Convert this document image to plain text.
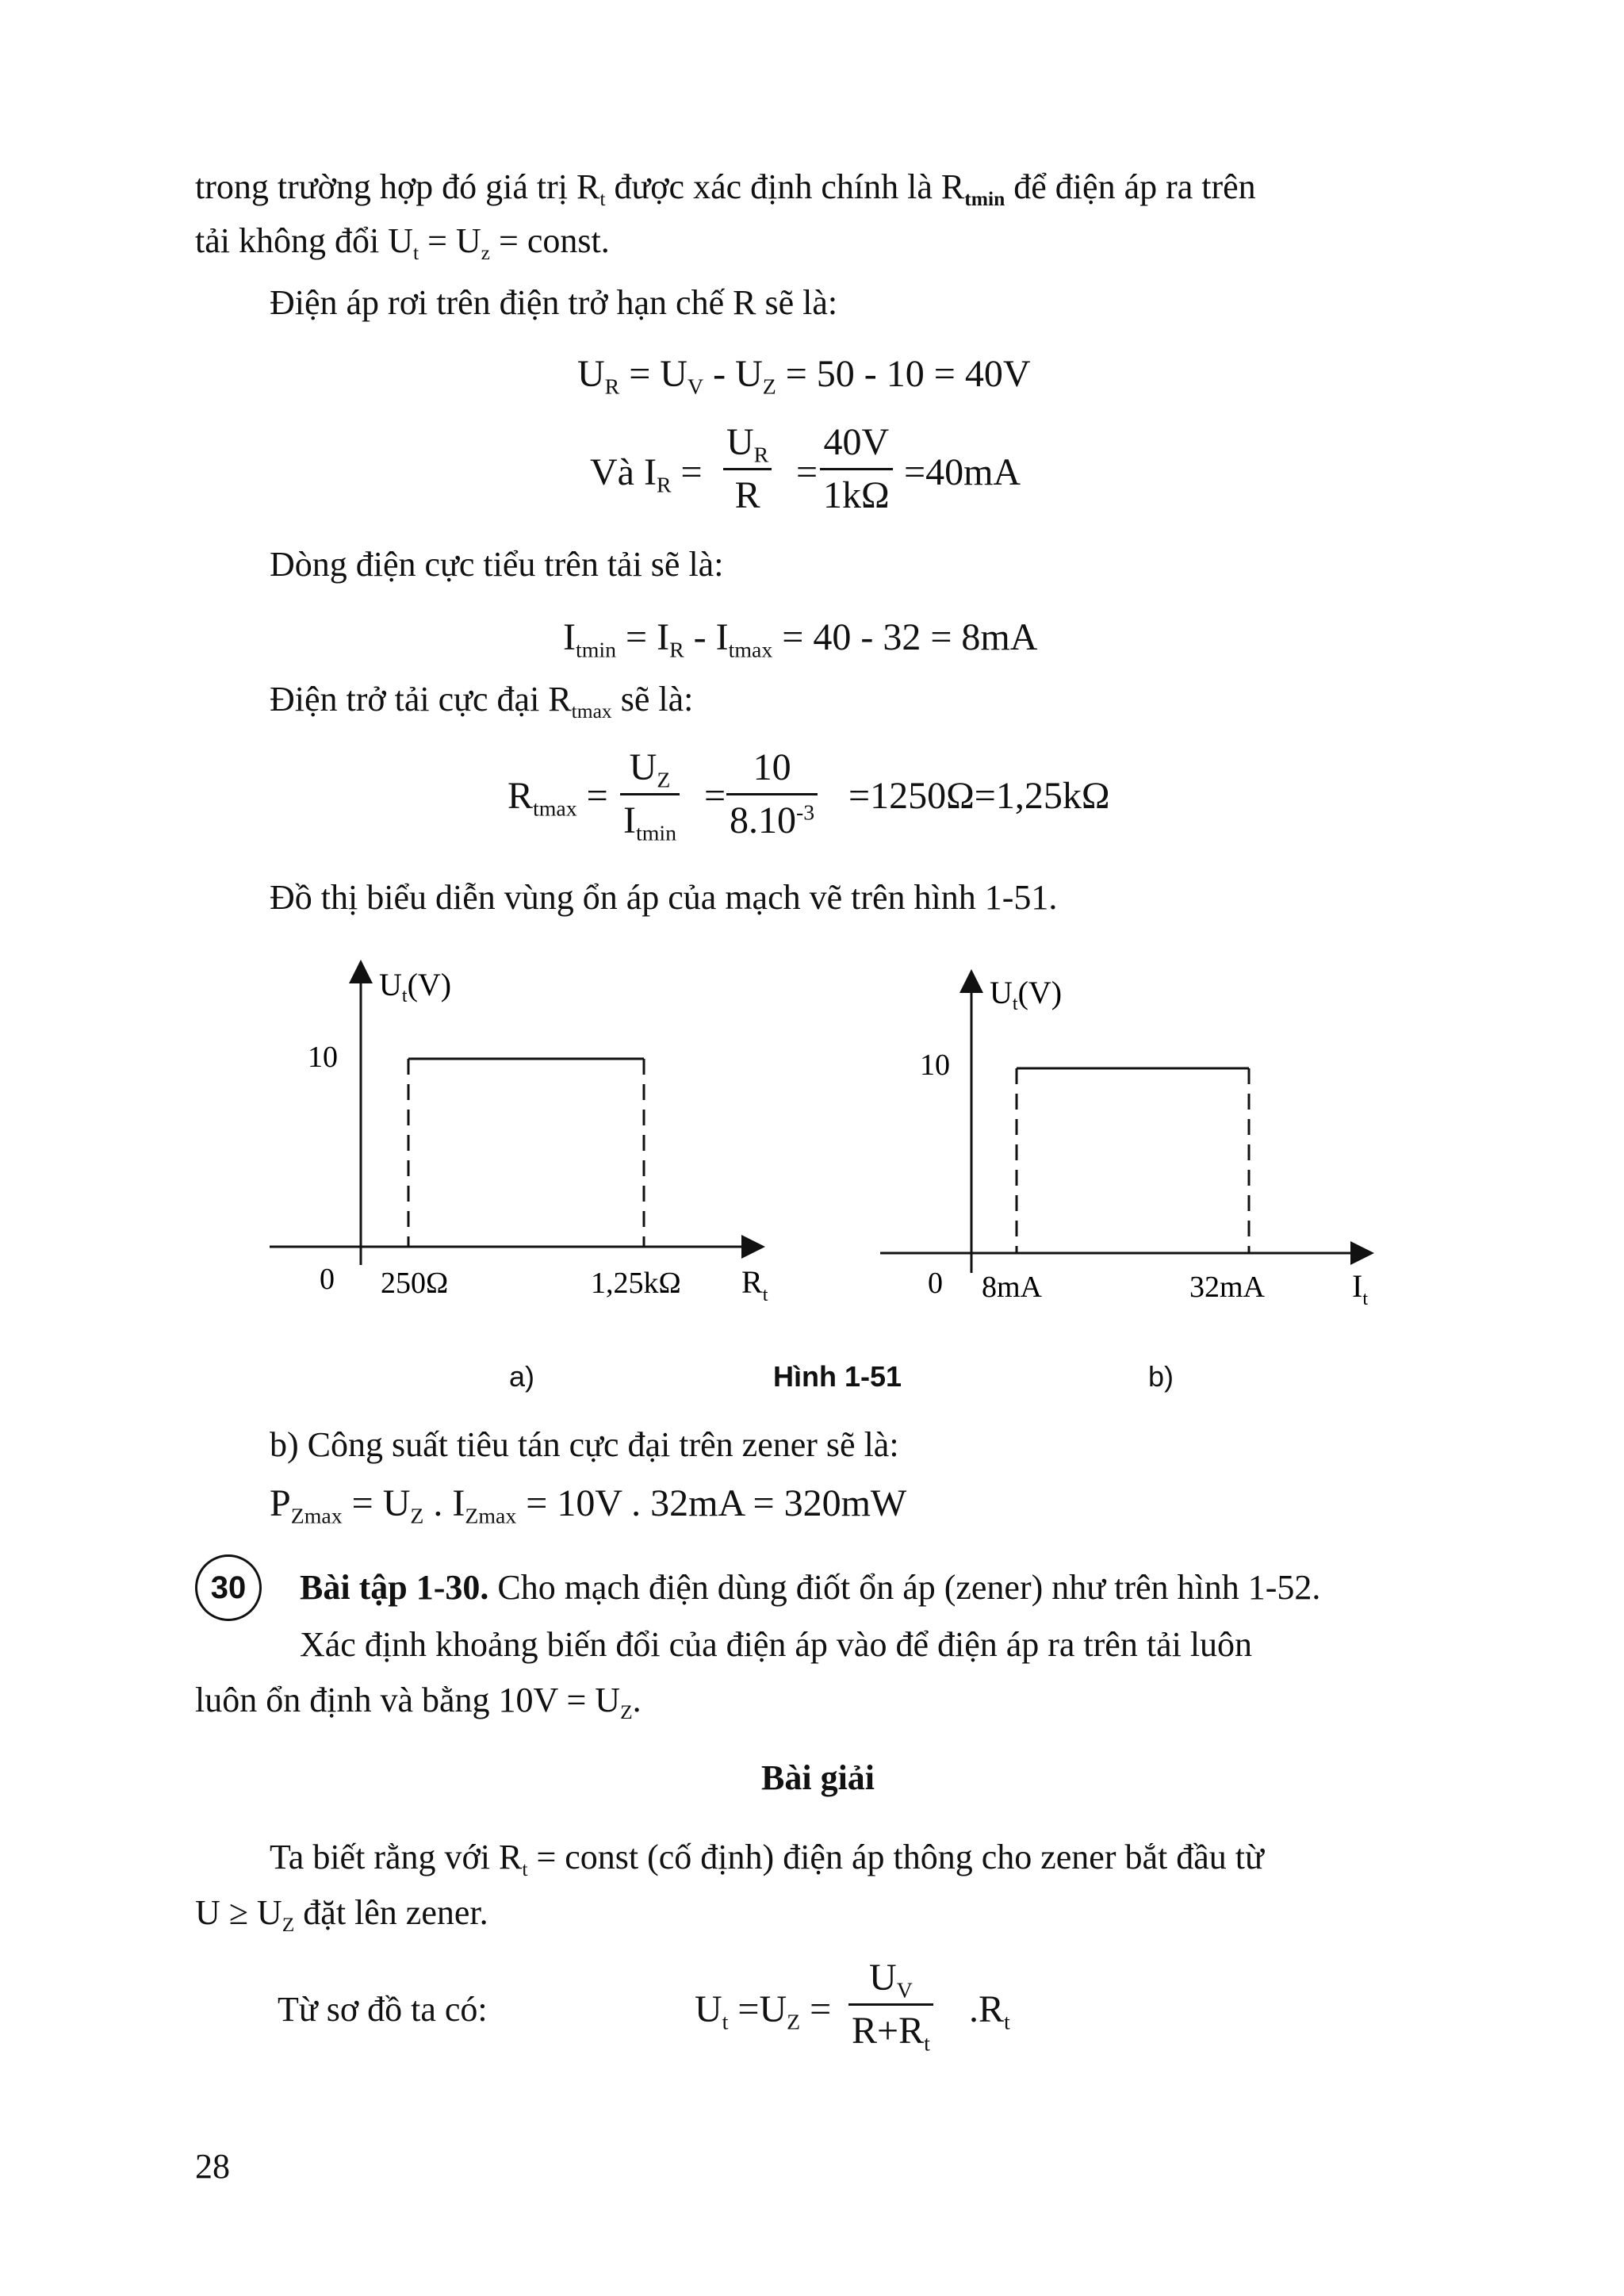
trong trường hợp đó giá trị $R_t$ được xác định chính là $R_{tmin}$ để điện áp ra trên
tải không đổi $U_t = U_z$ = const.
Điện áp rơi trên điện trở hạn chế R sẽ là:
$U_R = U_V - U_Z = 50 - 10 = 40V$
Và $I_R = \frac{U_R}{R} = \frac{40V}{1k\Omega} =40mA$
Dòng điện cực tiểu trên tải sẽ là:
$I_{tmin} = I_R - I_{tmax} = 40 - 32 = 8mA$
Điện trở tải cực đại $R_{tmax}$ sẽ là:
$R_{tmax}$ =
$U_Z$
$I_{tmin}$
= $\frac{10}{8.10^{-3}} =1250\Omega=1,25k\Omega$
Đồ thị biểu diễn vùng ổn áp của mạch vẽ trên hình 1-51.
$U_t(V)$
10
0 250Ω	1,25kΩ $R_t$
$U_t(V)$
10
0 8mA	32mA	$I_t$
a)	Hình 1-51	b)
b) Công suất tiêu tán cực đại trên zener sẽ là:
$P_{Zmax} = U_Z$ . $I_{Zmax} = 10V$ . 32mA = 320mW
30	Bài tập 1-30. Cho mạch điện dùng điốt ổn áp (zener) như trên hình 1-52.
Xác định khoảng biến đổi của điện áp vào để điện áp ra trên tải luôn
luôn ổn định và bằng $10V = U_Z$.
Bài giải
Ta biết rằng với $R_t$ = const (cố định) điện áp thông cho zener bắt đầu từ
$U \ge U_Z$ đặt lên zener.
Từ sơ đồ ta có:	$U_t =U_Z = \frac{U_V}{R+R_t} .R_t$
28
